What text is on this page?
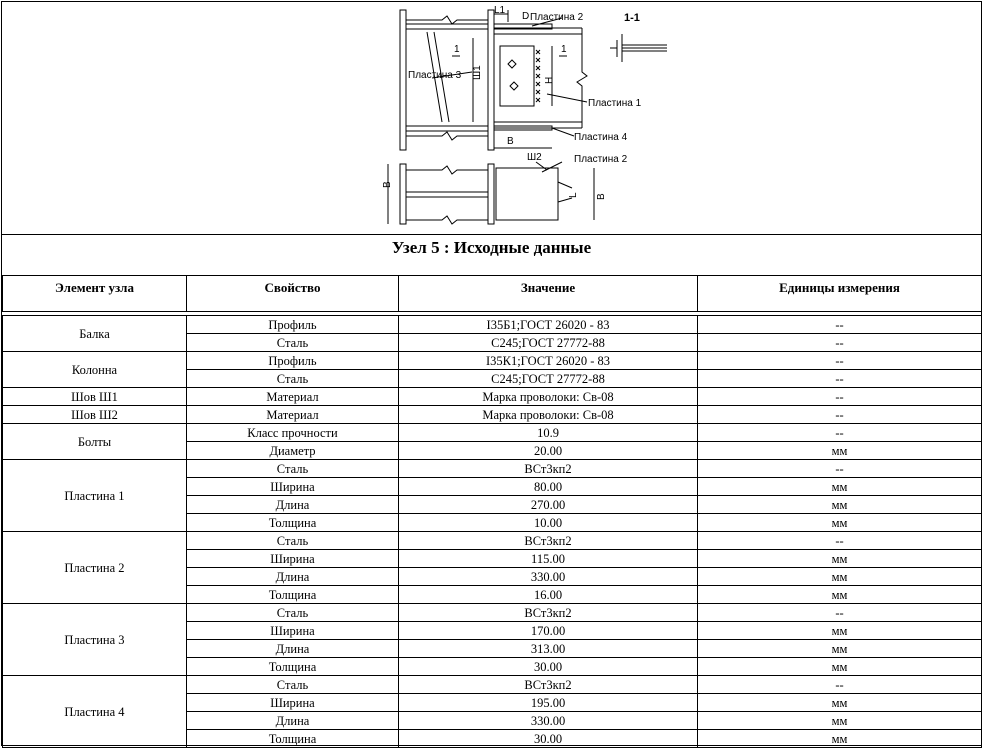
Пластина 2	1-1
L1
D
1	1
Пластина 3 Ш1
H
Пластина 1
B	Пластина 4
Ш2	Пластина 2
B
B
L
Узел 5 : Исходные данные
Элемент узла	Свойство	Значение	Единицы измерения

Балка	Профиль	I35Б1;ГОСТ 26020 - 83	--
	Сталь	С245;ГОСТ 27772-88	--
Колонна	Профиль	I35К1;ГОСТ 26020 - 83	--
	Сталь	С245;ГОСТ 27772-88	--
Шов Ш1	Материал	Марка проволоки: Св-08	--
Шов Ш2	Материал	Марка проволоки: Св-08	--
Болты	Класс прочности	10.9	--
	Диаметр	20.00	мм
Пластина 1	Сталь	ВСт3кп2	--
	Ширина	80.00	мм
	Длина	270.00	мм
	Толщина	10.00	мм
Пластина 2	Сталь	ВСт3кп2	--
	Ширина	115.00	мм
	Длина	330.00	мм
	Толщина	16.00	мм
Пластина 3	Сталь	ВСт3кп2	--
	Ширина	170.00	мм
	Длина	313.00	мм
	Толщина	30.00	мм
Пластина 4	Сталь	ВСт3кп2	--
	Ширина	195.00	мм
	Длина	330.00	мм
	Толщина	30.00	мм
